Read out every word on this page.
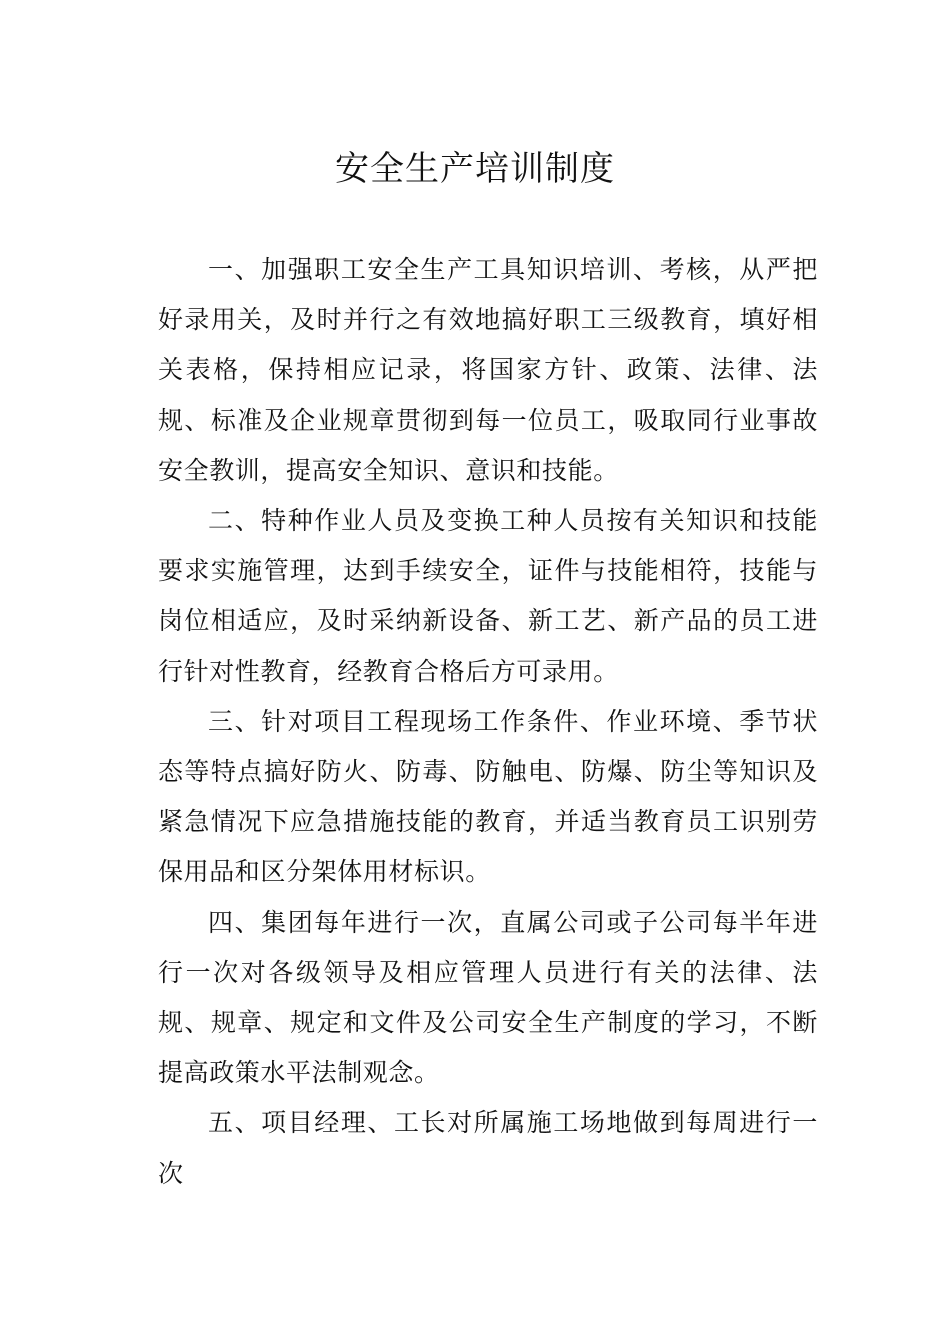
安全生产培训制度

一、加强职工安全生产工具知识培训、考核，从严把好录用关，及时并行之有效地搞好职工三级教育，填好相关表格，保持相应记录，将国家方针、政策、法律、法规、标准及企业规章贯彻到每一位员工，吸取同行业事故安全教训，提高安全知识、意识和技能。

二、特种作业人员及变换工种人员按有关知识和技能要求实施管理，达到手续安全，证件与技能相符，技能与岗位相适应，及时采纳新设备、新工艺、新产品的员工进行针对性教育，经教育合格后方可录用。

三、针对项目工程现场工作条件、作业环境、季节状态等特点搞好防火、防毒、防触电、防爆、防尘等知识及紧急情况下应急措施技能的教育，并适当教育员工识别劳保用品和区分架体用材标识。

四、集团每年进行一次，直属公司或子公司每半年进行一次对各级领导及相应管理人员进行有关的法律、法规、规章、规定和文件及公司安全生产制度的学习，不断提高政策水平法制观念。

五、项目经理、工长对所属施工场地做到每周进行一次
